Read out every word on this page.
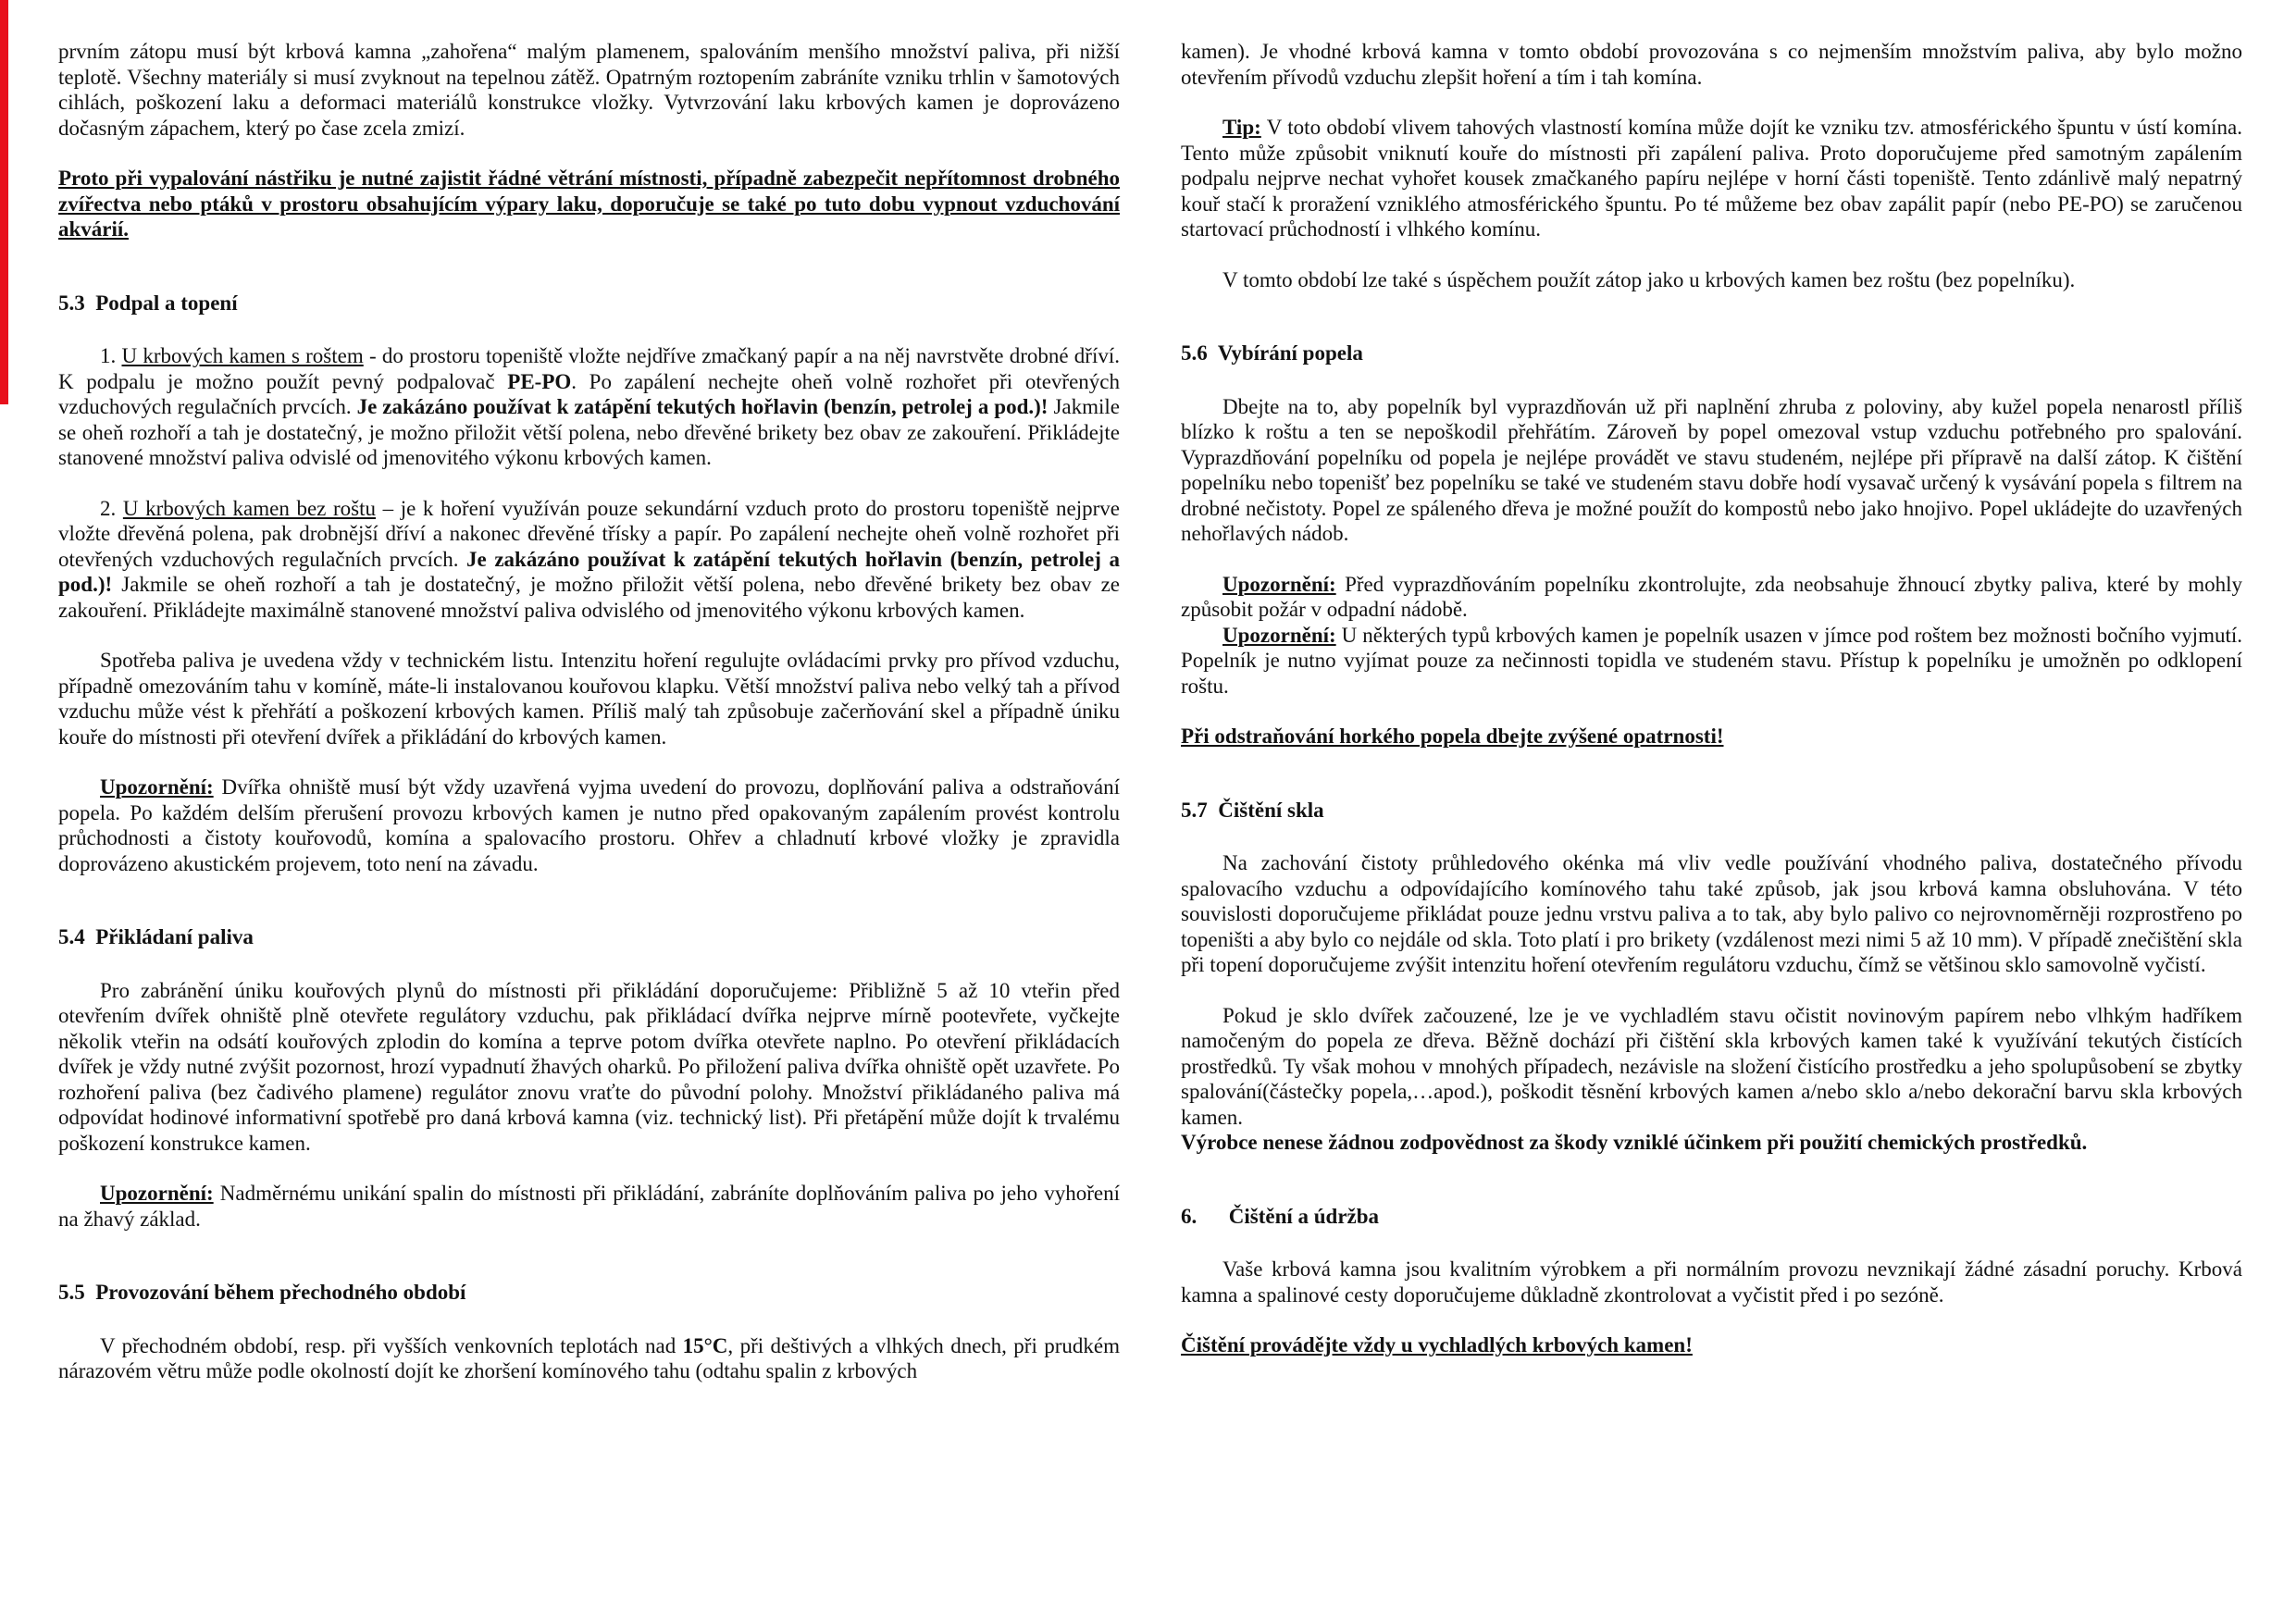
prvním zátopu musí být krbová kamna „zahořena“ malým plamenem, spalováním menšího množství paliva, při nižší teplotě. Všechny materiály si musí zvyknout na tepelnou zátěž. Opatrným roztopením zabráníte vzniku trhlin v šamotových cihlách, poškození laku a deformaci materiálů konstrukce vložky. Vytvrzování laku krbových kamen je doprovázeno dočasným zápachem, který po čase zcela zmizí.

Proto při vypalování nástřiku je nutné zajistit řádné větrání místnosti, případně zabezpečit nepřítomnost drobného zvířectva nebo ptáků v prostoru obsahujícím výpary laku, doporučuje se také po tuto dobu vypnout vzduchování akvárií.

5.3  Podpal a topení

1. U krbových kamen s roštem - do prostoru topeniště vložte nejdříve zmačkaný papír a na něj navrstvěte drobné dříví. K podpalu je možno použít pevný podpalovač PE-PO. Po zapálení nechejte oheň volně rozhořet při otevřených vzduchových regulačních prvcích. Je zakázáno používat k zatápění tekutých hořlavin (benzín, petrolej a pod.)! Jakmile se oheň rozhoří a tah je dostatečný, je možno přiložit větší polena, nebo dřevěné brikety bez obav ze zakouření. Přikládejte stanovené množství paliva odvislé od jmenovitého výkonu krbových kamen.

2. U krbových kamen bez roštu – je k hoření využíván pouze sekundární vzduch proto do prostoru topeniště nejprve vložte dřevěná polena, pak drobnější dříví a nakonec dřevěné třísky a papír. Po zapálení nechejte oheň volně rozhořet při otevřených vzduchových regulačních prvcích. Je zakázáno používat k zatápění tekutých hořlavin (benzín, petrolej a pod.)! Jakmile se oheň rozhoří a tah je dostatečný, je možno přiložit větší polena, nebo dřevěné brikety bez obav ze zakouření. Přikládejte maximálně stanovené množství paliva odvislého od jmenovitého výkonu krbových kamen.

Spotřeba paliva je uvedena vždy v technickém listu. Intenzitu hoření regulujte ovládacími prvky pro přívod vzduchu, případně omezováním tahu v komíně, máte-li instalovanou kouřovou klapku. Větší množství paliva nebo velký tah a přívod vzduchu může vést k přehřátí a poškození krbových kamen. Příliš malý tah způsobuje začerňování skel a případně úniku kouře do místnosti při otevření dvířek a přikládání do krbových kamen.

Upozornění: Dvířka ohniště musí být vždy uzavřená vyjma uvedení do provozu, doplňování paliva a odstraňování popela. Po každém delším přerušení provozu krbových kamen je nutno před opakovaným zapálením provést kontrolu průchodnosti a čistoty kouřovodů, komína a spalovacího prostoru. Ohřev a chladnutí krbové vložky je zpravidla doprovázeno akustickém projevem, toto není na závadu.

5.4  Přikládaní paliva

Pro zabránění úniku kouřových plynů do místnosti při přikládání doporučujeme: Přibližně 5 až 10 vteřin před otevřením dvířek ohniště plně otevřete regulátory vzduchu, pak přikládací dvířka nejprve mírně pootevřete, vyčkejte několik vteřin na odsátí kouřových zplodin do komína a teprve potom dvířka otevřete naplno. Po otevření přikládacích dvířek je vždy nutné zvýšit pozornost, hrozí vypadnutí žhavých oharků. Po přiložení paliva dvířka ohniště opět uzavřete. Po rozhoření paliva (bez čadivého plamene) regulátor znovu vraťte do původní polohy. Množství přikládaného paliva má odpovídat hodinové informativní spotřebě pro daná krbová kamna (viz. technický list). Při přetápění může dojít k trvalému poškození konstrukce kamen.

Upozornění: Nadměrnému unikání spalin do místnosti při přikládání, zabráníte doplňováním paliva po jeho vyhoření na žhavý základ.

5.5  Provozování během přechodného období

V přechodném období, resp. při vyšších venkovních teplotách nad 15°C, při deštivých a vlhkých dnech, při prudkém nárazovém větru může podle okolností dojít ke zhoršení komínového tahu (odtahu spalin z krbových

kamen). Je vhodné krbová kamna v tomto období provozována s co nejmenším množstvím paliva, aby bylo možno otevřením přívodů vzduchu zlepšit hoření a tím i tah komína.

Tip: V toto období vlivem tahových vlastností komína může dojít ke vzniku tzv. atmosférického špuntu v ústí komína. Tento může způsobit vniknutí kouře do místnosti při zapálení paliva. Proto doporučujeme před samotným zapálením podpalu nejprve nechat vyhořet kousek zmačkaného papíru nejlépe v horní části topeniště. Tento zdánlivě malý nepatrný kouř stačí k proražení vzniklého atmosférického špuntu. Po té můžeme bez obav zapálit papír (nebo PE-PO) se zaručenou startovací průchodností i vlhkého komínu.

V tomto období lze také s úspěchem použít zátop jako u krbových kamen bez roštu (bez popelníku).

5.6  Vybírání popela

Dbejte na to, aby popelník byl vyprazdňován už při naplnění zhruba z poloviny, aby kužel popela nenarostl příliš blízko k roštu a ten se nepoškodil přehřátím. Zároveň by popel omezoval vstup vzduchu potřebného pro spalování. Vyprazdňování popelníku od popela je nejlépe provádět ve stavu studeném, nejlépe při přípravě na další zátop. K čištění popelníku nebo topenišť bez popelníku se také ve studeném stavu dobře hodí vysavač určený k vysávání popela s filtrem na drobné nečistoty. Popel ze spáleného dřeva je možné použít do kompostů nebo jako hnojivo. Popel ukládejte do uzavřených nehořlavých nádob.

Upozornění: Před vyprazdňováním popelníku zkontrolujte, zda neobsahuje žhnoucí zbytky paliva, které by mohly způsobit požár v odpadní nádobě.

Upozornění: U některých typů krbových kamen je popelník usazen v jímce pod roštem bez možnosti bočního vyjmutí. Popelník je nutno vyjímat pouze za nečinnosti topidla ve studeném stavu. Přístup k popelníku je umožněn po odklopení roštu.

Při odstraňování horkého popela dbejte zvýšené opatrnosti!

5.7  Čištění skla

Na zachování čistoty průhledového okénka má vliv vedle používání vhodného paliva, dostatečného přívodu spalovacího vzduchu a odpovídajícího komínového tahu také způsob, jak jsou krbová kamna obsluhována. V této souvislosti doporučujeme přikládat pouze jednu vrstvu paliva a to tak, aby bylo palivo co nejrovnoměrněji rozprostřeno po topeništi a aby bylo co nejdále od skla. Toto platí i pro brikety (vzdálenost mezi nimi 5 až 10 mm). V případě znečištění skla při topení doporučujeme zvýšit intenzitu hoření otevřením regulátoru vzduchu, čímž se většinou sklo samovolně vyčistí.

Pokud je sklo dvířek začouzené, lze je ve vychladlém stavu očistit novinovým papírem nebo vlhkým hadříkem namočeným do popela ze dřeva. Běžně dochází při čištění skla krbových kamen také k využívání tekutých čistících prostředků. Ty však mohou v mnohých případech, nezávisle na složení čistícího prostředku a jeho spolupůsobení se zbytky spalování(částečky popela,…apod.), poškodit těsnění krbových kamen a/nebo sklo a/nebo dekorační barvu skla krbových kamen.

Výrobce nenese žádnou zodpovědnost za škody vzniklé účinkem při použití chemických prostředků.

6.      Čištění a údržba

Vaše krbová kamna jsou kvalitním výrobkem a při normálním provozu nevznikají žádné zásadní poruchy. Krbová kamna a spalinové cesty doporučujeme důkladně zkontrolovat a vyčistit před i po sezóně.

Čištění provádějte vždy u vychladlých krbových kamen!
